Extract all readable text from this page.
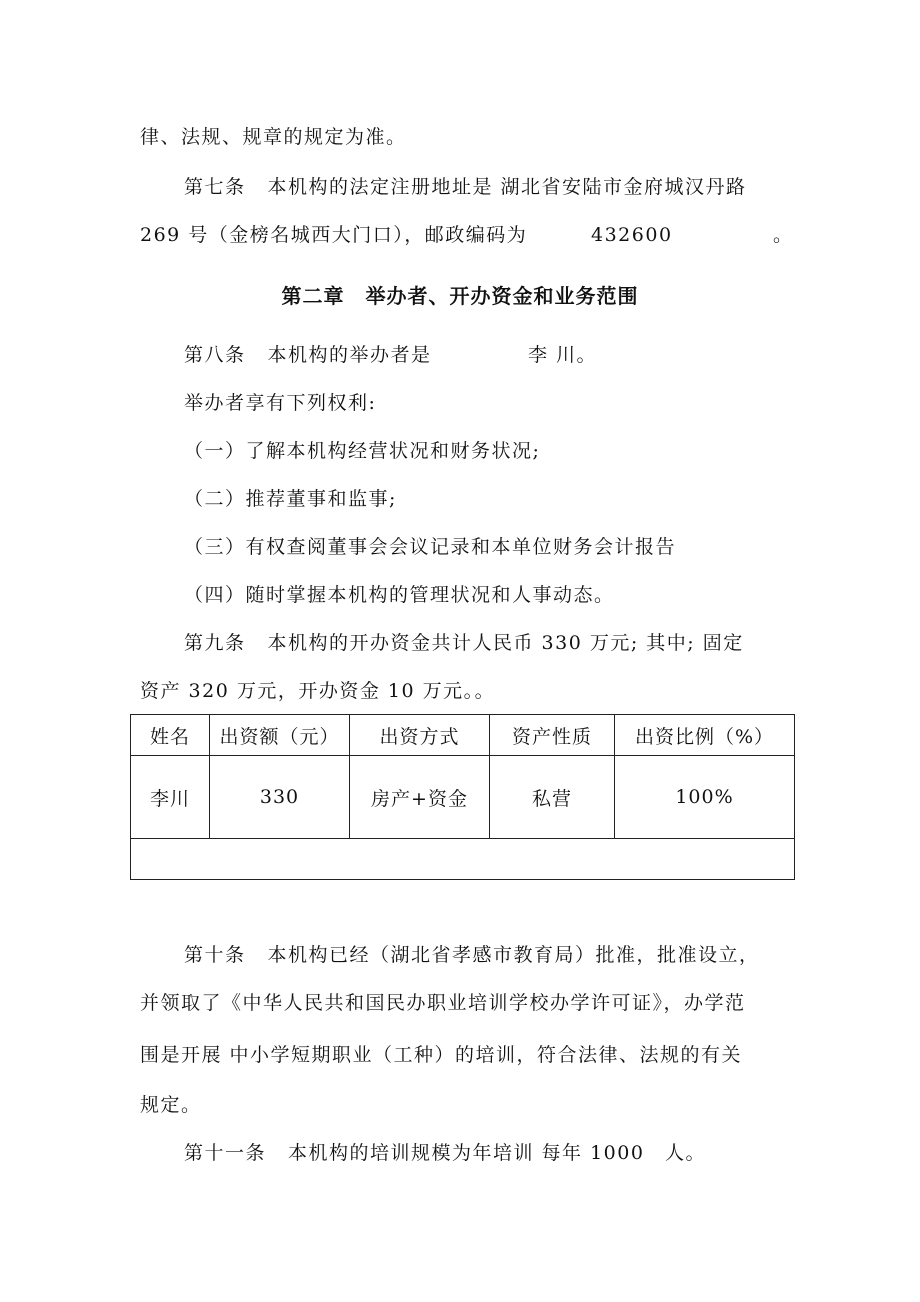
律、法规、规章的规定为准。
第七条 本机构的法定注册地址是 湖北省安陆市金府城汉丹路
269 号（金榜名城西大门口），邮政编码为	432600	。
第二章　举办者、开办资金和业务范围
第八条 本机构的举办者是	李 川。
举办者享有下列权利:
（一）了解本机构经营状况和财务状况;
（二）推荐董事和监事;
（三）有权查阅董事会会议记录和本单位财务会计报告
（四）随时掌握本机构的管理状况和人事动态。
第九条 本机构的开办资金共计人民币 330 万元; 其中; 固定
资产 320 万元，开办资金 10 万元。。
姓名	出资额（元）	出资方式	资产性质	出资比例（%）
李川	330	房产+资金	私营	100%

第十条 本机构已经（湖北省孝感市教育局）批准，批准设立，
并领取了《中华人民共和国民办职业培训学校办学许可证》，办学范
围是开展 中小学短期职业（工种）的培训，符合法律、法规的有关
规定。
第十一条 本机构的培训规模为年培训 每年 1000　人。
